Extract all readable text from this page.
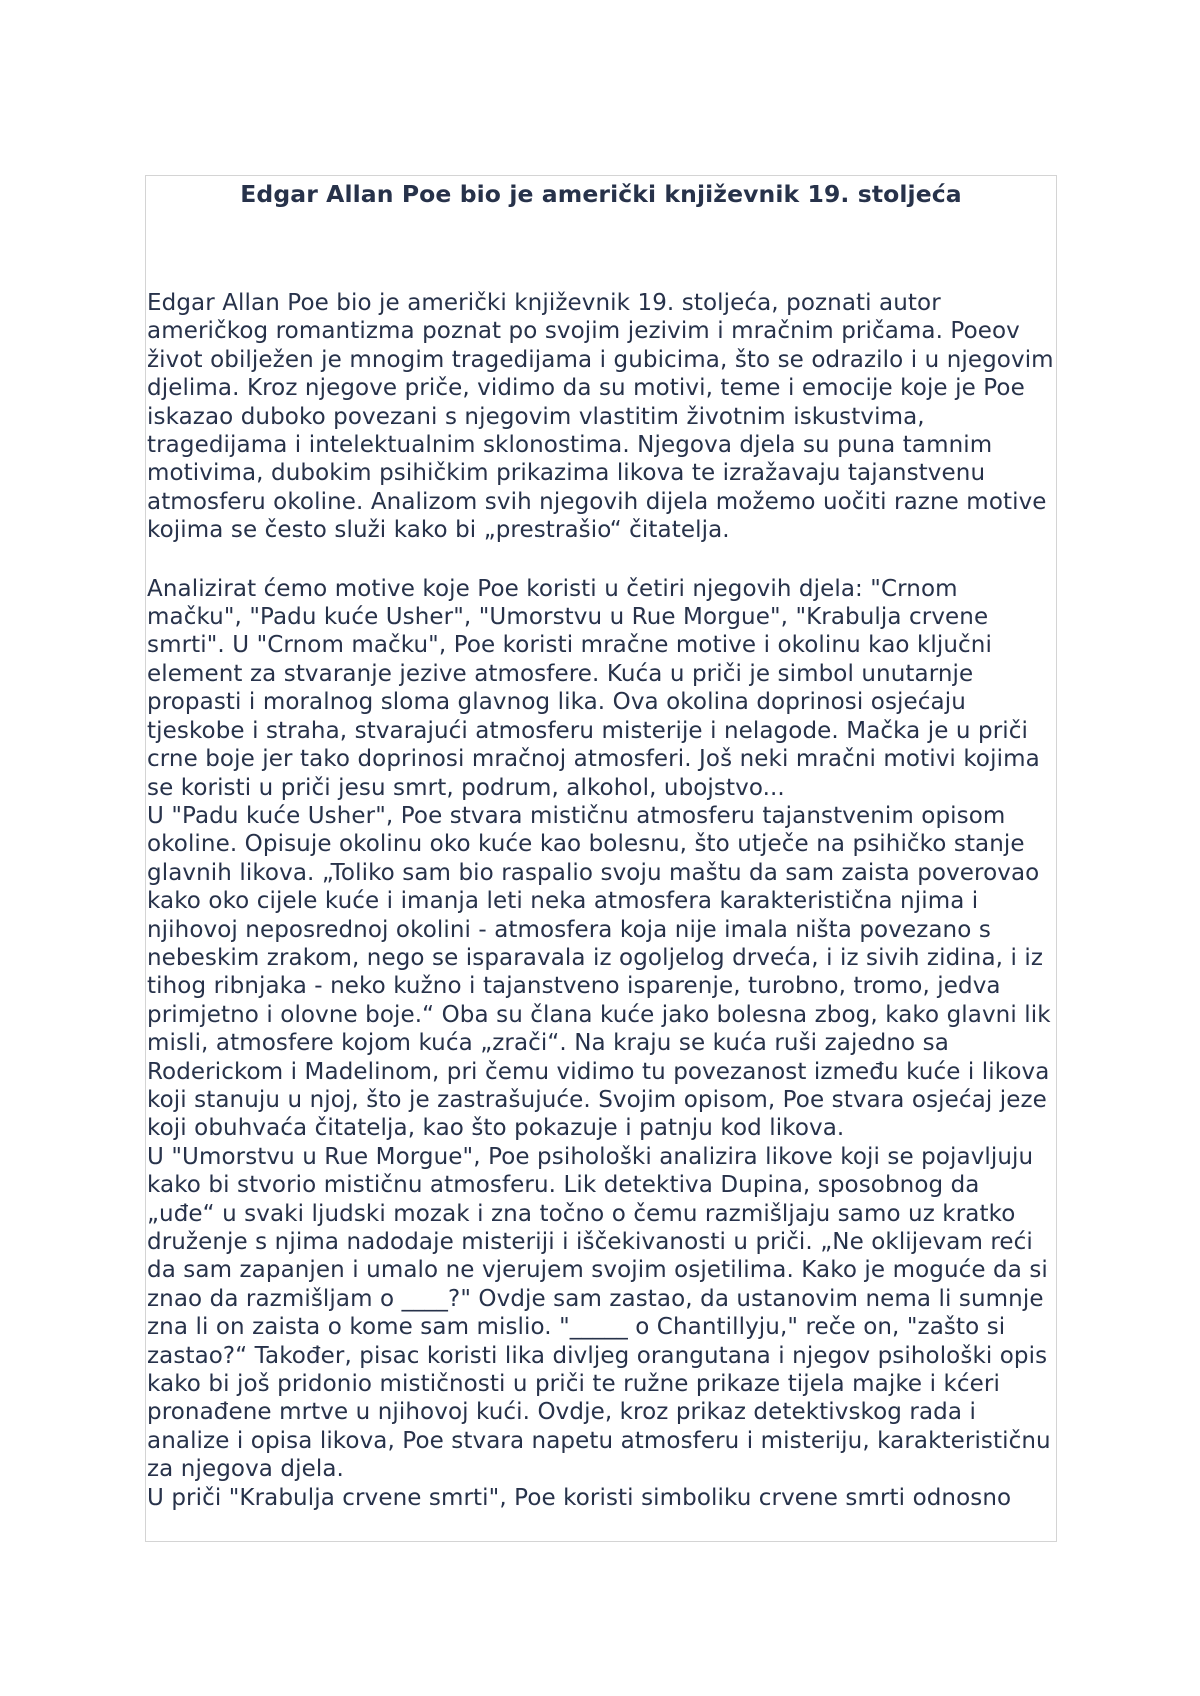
Edgar Allan Poe bio je američki književnik 19. stoljeća

Edgar Allan Poe bio je američki književnik 19. stoljeća, poznati autor američkog romantizma poznat po svojim jezivim i mračnim pričama. Poeov život obilježen je mnogim tragedijama i gubicima, što se odrazilo i u njegovim djelima. Kroz njegove priče, vidimo da su motivi, teme i emocije koje je Poe iskazao duboko povezani s njegovim vlastitim životnim iskustvima, tragedijama i intelektualnim sklonostima. Njegova djela su puna tamnim motivima, dubokim psihičkim prikazima likova te izražavaju tajanstvenu atmosferu okoline. Analizom svih njegovih dijela možemo uočiti razne motive kojima se često služi kako bi „prestrašio“ čitatelja.

Analizirat ćemo motive koje Poe koristi u četiri njegovih djela: "Crnom mačku", "Padu kuće Usher", "Umorstvu u Rue Morgue", "Krabulja crvene smrti". U "Crnom mačku", Poe koristi mračne motive i okolinu kao ključni element za stvaranje jezive atmosfere. Kuća u priči je simbol unutarnje propasti i moralnog sloma glavnog lika. Ova okolina doprinosi osjećaju tjeskobe i straha, stvarajući atmosferu misterije i nelagode. Mačka je u priči crne boje jer tako doprinosi mračnoj atmosferi. Još neki mračni motivi kojima se koristi u priči jesu smrt, podrum, alkohol, ubojstvo...

U "Padu kuće Usher", Poe stvara mističnu atmosferu tajanstvenim opisom okoline. Opisuje okolinu oko kuće kao bolesnu, što utječe na psihičko stanje glavnih likova. „Toliko sam bio raspalio svoju maštu da sam zaista poverovao kako oko cijele kuće i imanja leti neka atmosfera karakteristična njima i njihovoj neposrednoj okolini - atmosfera koja nije imala ništa povezano s nebeskim zrakom, nego se isparavala iz ogoljelog drveća, i iz sivih zidina, i iz tihog ribnjaka - neko kužno i tajanstveno isparenje, turobno, tromo, jedva primjetno i olovne boje.“ Oba su člana kuće jako bolesna zbog, kako glavni lik misli, atmosfere kojom kuća „zrači“. Na kraju se kuća ruši zajedno sa Roderickom i Madelinom, pri čemu vidimo tu povezanost između kuće i likova koji stanuju u njoj, što je zastrašujuće. Svojim opisom, Poe stvara osjećaj jeze koji obuhvaća čitatelja, kao što pokazuje i patnju kod likova.

U "Umorstvu u Rue Morgue", Poe psihološki analizira likove koji se pojavljuju kako bi stvorio mističnu atmosferu. Lik detektiva Dupina, sposobnog da „uđe“ u svaki ljudski mozak i zna točno o čemu razmišljaju samo uz kratko druženje s njima nadodaje misteriji i iščekivanosti u priči. „Ne oklijevam reći da sam zapanjen i umalo ne vjerujem svojim osjetilima. Kako je moguće da si znao da razmišljam o ____?" Ovdje sam zastao, da ustanovim nema li sumnje zna li on zaista o kome sam mislio. "_____ o Chantillyju," reče on, "zašto si zastao?“ Također, pisac koristi lika divljeg orangutana i njegov psihološki opis kako bi još pridonio mističnosti u priči te ružne prikaze tijela majke i kćeri pronađene mrtve u njihovoj kući. Ovdje, kroz prikaz detektivskog rada i analize i opisa likova, Poe stvara napetu atmosferu i misteriju, karakterističnu za njegova djela.

U priči "Krabulja crvene smrti", Poe koristi simboliku crvene smrti odnosno
